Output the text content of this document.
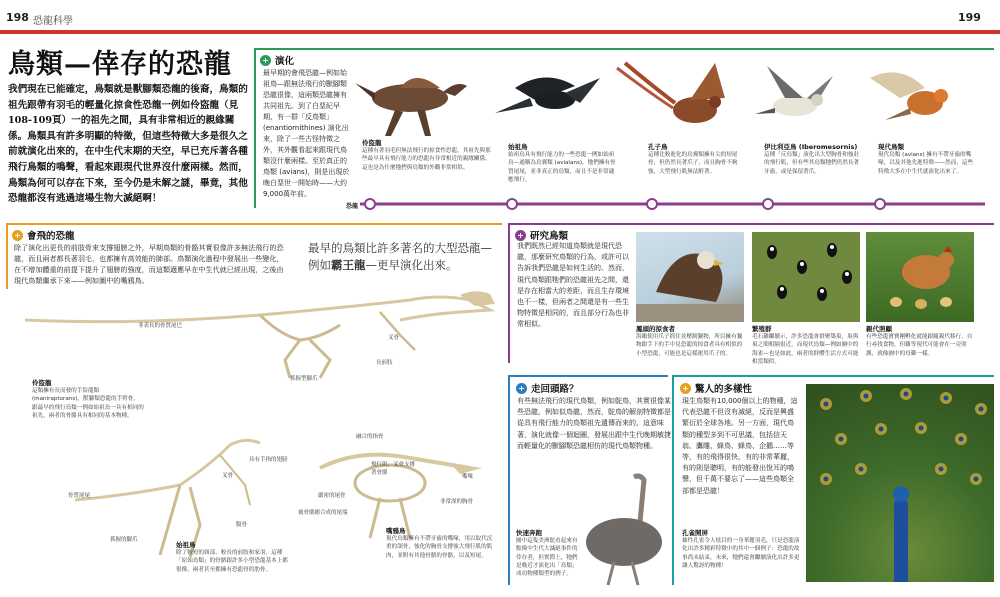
198 恐龍科學	199
鳥類—倖存的恐龍
我們現在已能確定，鳥類就是獸腳類恐龍的後裔，鳥類的祖先跟帶有羽毛的輕量化掠食性恐龍一例如伶盜龍（見108-109頁）一的祖先之間，具有非常相近的親緣關係。鳥類具有許多明顯的特徵，但這些特徵大多是很久之前就演化出來的，在中生代末期的天空，早已充斥著各種飛行鳥類的鳴聲，看起來跟現代世界沒什麼兩樣。然而，鳥類為何可以存在下來，至今仍是未解之謎，畢竟，其他恐龍都沒有逃過這場生物大滅絕啊！
+ 演化
最早期的會飛恐龍—例如始祖鳥—跟無法飛行的獸腳類恐龍很像，這兩類恐龍擁有共同祖先。到了白堊紀早期，有一群「反鳥類」(enantiornithines) 演化出來，除了一些古怪特徵之外，其外觀看起來跟現代鳥類沒什麼兩樣。至於真正的鳥類 (avians)，則是出現於晚白堊世一開始時——大約9,000萬年前。
伶盜龍
這種有著羽毛但無法飛行的掠食性恐龍，其祖先與那些最早具有飛行能力的恐龍有非常相近的親緣關係，這也是為什麼牠們與鳥類的外觀非常相似。
始祖鳥
始祖鳥具有飛行能力的一些恐龍一例如始祖鳥—通稱為鳥翼類 (avialans)，牠們擁有骨質尾尾，並非真正的鳥類，而且不是非常適應飛行。
孔子鳥
這種比較進化的鳥翼類擁有尖的短尾骨，但仍然長著爪子，而且胸骨不夠強，大型飛行肌無法附著。
伊比利亞鳥 (Iberomesornis)
這種「反鳥類」演化出大型胸骨和強壯的飛行肌，但有些其鳥類牠們仍然長著牙齒，或是保留著爪。
現代鳥類
現代鳥類 (avians) 擁有不帶牙齒的嘴喙，以及其他先進特徵——然而，這些特徵大多在中生代就演化出來了。
恐龍
+ 會飛的恐龍
除了演化出更長的前肢骨來支撐翅膀之外，早期鳥類的骨骼其實很像許多無法飛行的恐龍，而且兩者都長著羽毛，也都擁有高效能的肺部。鳥類演化過程中發展出一些變化，在不增加體重的前提下提升了翅膀的強度，而這類適應早在中生代就已經出現，之後由現代鳥類繼承下來——例如圖中的嘴鴉鳥。
最早的鳥類比許多著名的大型恐龍—
例如霸王龍—更早演化出來。
非表長的骨質尾巴
叉骨
長前肢
抓握型腳爪
伶盜龍
這類擁有長而發的手盜龍類 (maniraptorans)，獸腳類恐龍的手臂骨，跟最早的飛行鳥類一例如始祖鳥一具有相同的祖先，兩者的骨骼具有相同的基本物種。
骨質尾尾
叉骨
具有手指的翅膀
腹骨
抓握的腳爪
始祖鳥
除了較短的頸部、較長的前肢和家羽，這種「原始鳥類」的骨骼跟許多小型恐龍基本上都很像，兩者甚至都擁有恐龍骨的肋骨。
融合的指骨
飛行肌、叉骨支撐著骨骼
嘴喙
嚴密的尾骨
被骨骼癒合成的尾端
非常深的胸骨
嘴鴉鳥
現代鳥類擁有不帶牙齒的嘴喙，用以取代沉重的頜骨，強化的胸骨支撐強大飛行肌的肌肉，並附有其他骨骼的骨骼，以及短尾。
+ 研究鳥類
我們既然已經知道鳥類就是現代恐龍，那麼研究鳥類的行為，或許可以告訴我們恐龍是如何生活的。然而，現代鳥類跟牠們的恐龍祖先之間，還是存在相當大的差距，而且生存環境也不一樣，但兩者之間還是有一些生物特徵是相同的，而且部分行為也非常相似。
鳳頭的掠食者
海鵰使用爪子抓住並壓制獵物，所以擁有獵物跟手下的手中見恐龍的掠食者具有相似的小型恐龍，可能也是這樣運用爪子的。
繁殖群
毛石雞繼續示，許多恐龍會群聚築巢，巢與巢之間相隔很近，而現代鳥類—例如圖中的海雀—也是如此，兩者的群體生活方式可能相當類似。
親代照顧
有些恐龍寶寶剛孵化就能跟隨親代移行，自行尋找食物，但雞等現代可能會在一旁照護，就像圖中的母雞一樣。
+ 走回頭路？
有些無法飛行的現代鳥類，例如鴕鳥，其實很像某些恐龍，例如似鳥龍，然而，鴕鳥的解剖特徵都是從具有飛行能力的鳥類祖先遺傳而來的，這意味著，演化就像一個迴圈，發展出跟中生代晚期敏捷而輕量化的獸腳類恐龍相仿的現代鳥類物種。
快速奔跑
圖中這隻美洲鴕看起來有點像中生代大滅絕事件的倖存者，但實際上，牠們是晚近才演化出「鳥類」成功物種類型的例子。
+ 驚人的多樣性
現生鳥類有10,000個以上的物種，這代表恐龍不但沒有滅絕，反而是興盛繁衍於全球各地。另一方面，現代鳥類的種型多到不可思議，包括信天翁、鷹雕、蜂鳥、蜂鳥、企鵝……等等，有的飛得很快，有的非常華麗，有的則是聰明，有的能發出悅耳的鳴聲，但千萬不要忘了——這些鳥類全部都是恐龍！
孔雀開屏
雄性孔雀令人炫目的一身華麗羽毛，只是恐龍演化出許多精彩特徵中的其中一個例子：恐龍的故事尚未結束，未來，牠們還會繼續演化出許多更讓人驚訝的物種！
